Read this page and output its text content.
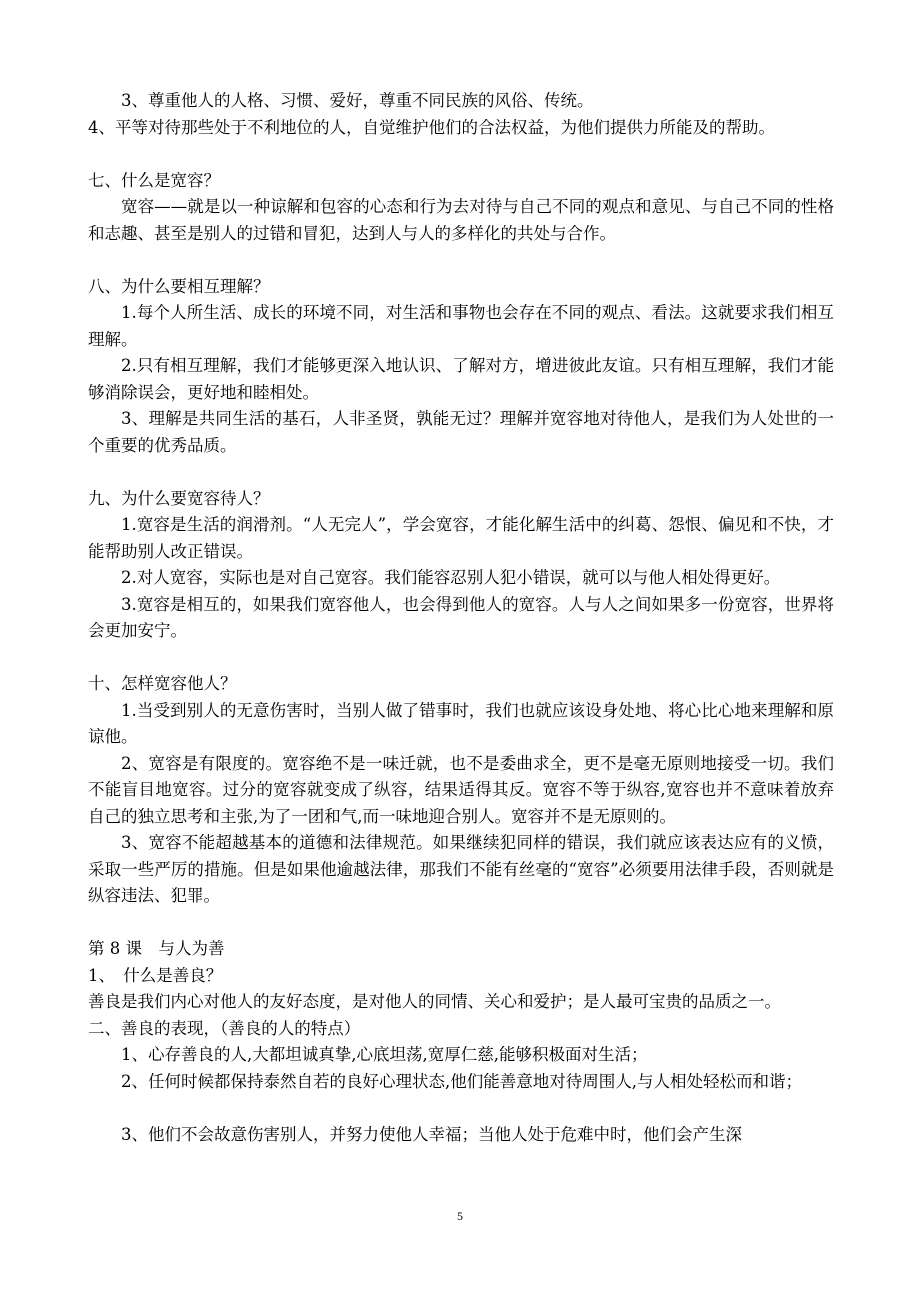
3、尊重他人的人格、习惯、爱好，尊重不同民族的风俗、传统。

4、平等对待那些处于不利地位的人，自觉维护他们的合法权益，为他们提供力所能及的帮助。

七、什么是宽容？

宽容——就是以一种谅解和包容的心态和行为去对待与自己不同的观点和意见、与自己不同的性格和志趣、甚至是别人的过错和冒犯，达到人与人的多样化的共处与合作。

八、为什么要相互理解？

1.每个人所生活、成长的环境不同，对生活和事物也会存在不同的观点、看法。这就要求我们相互理解。

2.只有相互理解，我们才能够更深入地认识、了解对方，增进彼此友谊。只有相互理解，我们才能够消除误会，更好地和睦相处。

3、理解是共同生活的基石，人非圣贤，孰能无过？理解并宽容地对待他人，是我们为人处世的一个重要的优秀品质。

九、为什么要宽容待人？

1.宽容是生活的润滑剂。“人无完人”，学会宽容，才能化解生活中的纠葛、怨恨、偏见和不快，才能帮助别人改正错误。

2.对人宽容，实际也是对自己宽容。我们能容忍别人犯小错误，就可以与他人相处得更好。

3.宽容是相互的，如果我们宽容他人，也会得到他人的宽容。人与人之间如果多一份宽容，世界将会更加安宁。

十、怎样宽容他人？

1.当受到别人的无意伤害时，当别人做了错事时，我们也就应该设身处地、将心比心地来理解和原谅他。

2、宽容是有限度的。宽容绝不是一味迁就，也不是委曲求全，更不是毫无原则地接受一切。我们不能盲目地宽容。过分的宽容就变成了纵容，结果适得其反。宽容不等于纵容,宽容也并不意味着放弃自己的独立思考和主张,为了一团和气,而一味地迎合别人。宽容并不是无原则的。

3、宽容不能超越基本的道德和法律规范。如果继续犯同样的错误，我们就应该表达应有的义愤，采取一些严厉的措施。但是如果他逾越法律，那我们不能有丝毫的“宽容”必须要用法律手段，否则就是纵容违法、犯罪。

第 8 课　与人为善

1、　什么是善良？

善良是我们内心对他人的友好态度，是对他人的同情、关心和爱护；是人最可宝贵的品质之一。

二、善良的表现，（善良的人的特点）

1、心存善良的人,大都坦诚真挚,心底坦荡,宽厚仁慈,能够积极面对生活；

2、任何时候都保持泰然自若的良好心理状态,他们能善意地对待周围人,与人相处轻松而和谐；

3、他们不会故意伤害别人，并努力使他人幸福；当他人处于危难中时，他们会产生深

5
